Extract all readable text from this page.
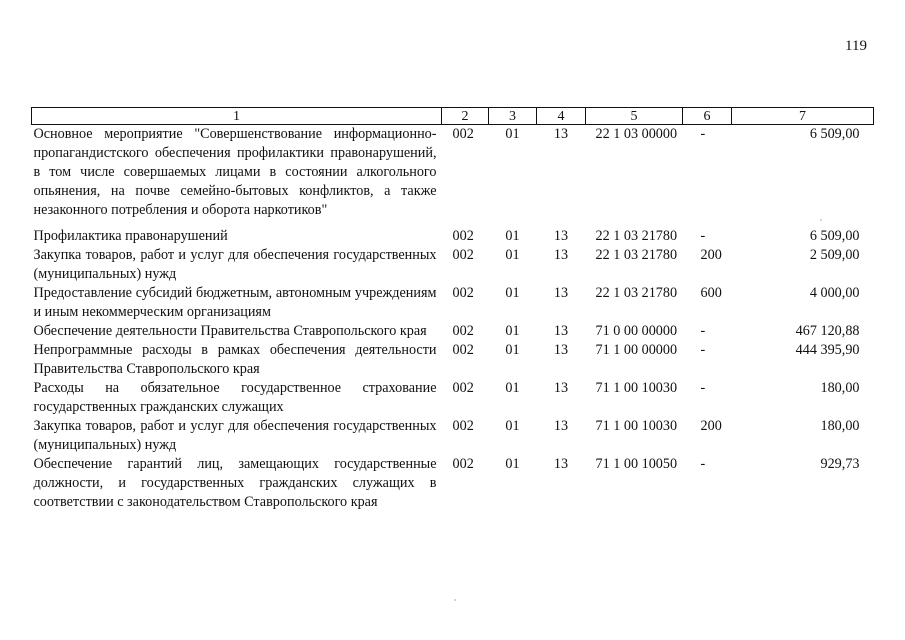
119
1	2	3	4	5	6	7
Основное мероприятие "Совершенствование информационно-пропагандистского обеспечения профилактики правонарушений, в том числе совершаемых лицами в состоянии алкогольного опьянения, на почве семейно-бытовых конфликтов, а также незаконного потребления и оборота наркотиков"	002	01	13	22 1 03 00000	-	6 509,00

Профилактика правонарушений	002	01	13	22 1 03 21780	-	6 509,00
Закупка товаров, работ и услуг для обеспечения государственных (муниципальных) нужд	002	01	13	22 1 03 21780	200	2 509,00
Предоставление субсидий бюджетным, автономным учреждениям и иным некоммерческим организациям	002	01	13	22 1 03 21780	600	4 000,00
Обеспечение деятельности Правительства Ставропольского края	002	01	13	71 0 00 00000	-	467 120,88
Непрограммные расходы в рамках обеспечения деятельности Правительства Ставропольского края	002	01	13	71 1 00 00000	-	444 395,90
Расходы на обязательное государственное страхование государственных гражданских служащих	002	01	13	71 1 00 10030	-	180,00
Закупка товаров, работ и услуг для обеспечения государственных (муниципальных) нужд	002	01	13	71 1 00 10030	200	180,00
Обеспечение гарантий лиц, замещающих государственные должности, и государственных гражданских служащих в соответствии с законодательством Ставропольского края	002	01	13	71 1 00 10050	-	929,73
